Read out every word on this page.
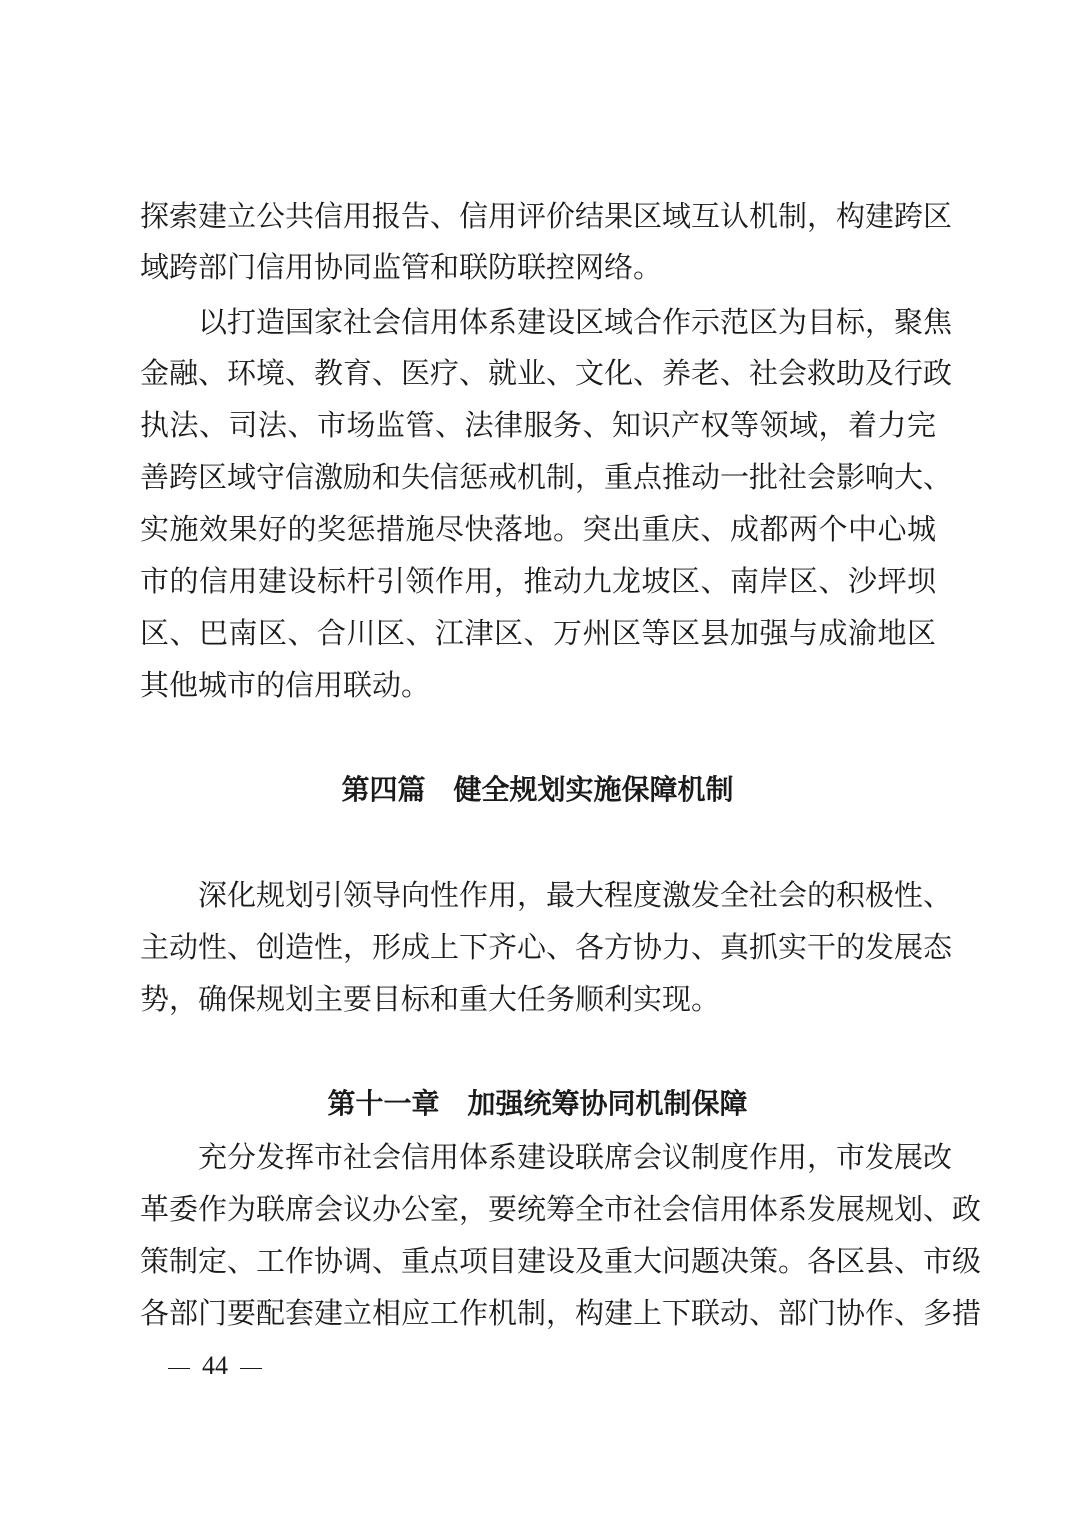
探索建立公共信用报告、信用评价结果区域互认机制，构建跨区
域跨部门信用协同监管和联防联控网络。
以打造国家社会信用体系建设区域合作示范区为目标，聚焦
金融、环境、教育、医疗、就业、文化、养老、社会救助及行政
执法、司法、市场监管、法律服务、知识产权等领域，着力完
善跨区域守信激励和失信惩戒机制，重点推动一批社会影响大、
实施效果好的奖惩措施尽快落地。突出重庆、成都两个中心城
市的信用建设标杆引领作用，推动九龙坡区、南岸区、沙坪坝
区、巴南区、合川区、江津区、万州区等区县加强与成渝地区
其他城市的信用联动。
第四篇 健全规划实施保障机制
深化规划引领导向性作用，最大程度激发全社会的积极性、
主动性、创造性，形成上下齐心、各方协力、真抓实干的发展态
势，确保规划主要目标和重大任务顺利实现。
第十一章 加强统筹协同机制保障
充分发挥市社会信用体系建设联席会议制度作用，市发展改
革委作为联席会议办公室，要统筹全市社会信用体系发展规划、政
策制定、工作协调、重点项目建设及重大问题决策。各区县、市级
各部门要配套建立相应工作机制，构建上下联动、部门协作、多措
44
